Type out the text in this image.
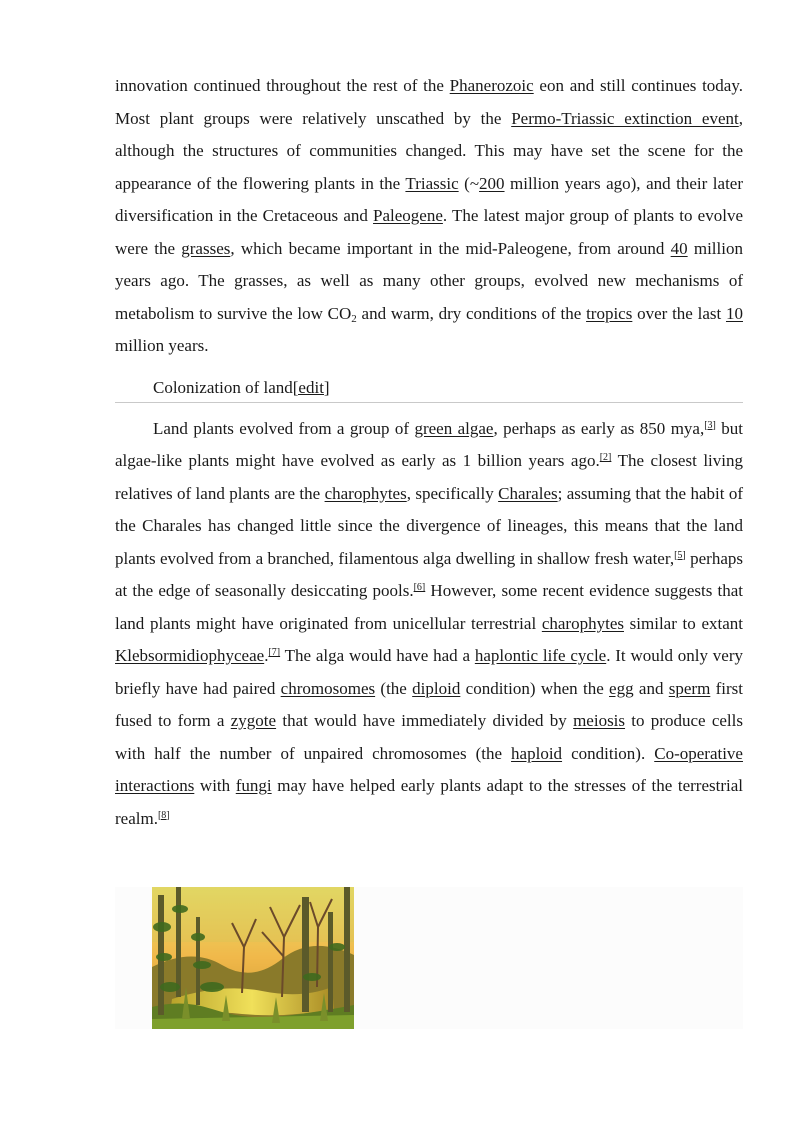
innovation continued throughout the rest of the Phanerozoic eon and still continues today. Most plant groups were relatively unscathed by the Permo-Triassic extinction event, although the structures of communities changed. This may have set the scene for the appearance of the flowering plants in the Triassic (~200 million years ago), and their later diversification in the Cretaceous and Paleogene. The latest major group of plants to evolve were the grasses, which became important in the mid-Paleogene, from around 40 million years ago. The grasses, as well as many other groups, evolved new mechanisms of metabolism to survive the low $CO_2$ and warm, dry conditions of the tropics over the last 10 million years.

Colonization of land[edit]

Land plants evolved from a group of green algae, perhaps as early as 850 mya,[3] but algae-like plants might have evolved as early as 1 billion years ago.[2] The closest living relatives of land plants are the charophytes, specifically Charales; assuming that the habit of the Charales has changed little since the divergence of lineages, this means that the land plants evolved from a branched, filamentous alga dwelling in shallow fresh water,[5] perhaps at the edge of seasonally desiccating pools.[6] However, some recent evidence suggests that land plants might have originated from unicellular terrestrial charophytes similar to extant Klebsormidiophyceae.[7] The alga would have had a haplontic life cycle. It would only very briefly have had paired chromosomes (the diploid condition) when the egg and sperm first fused to form a zygote that would have immediately divided by meiosis to produce cells with half the number of unpaired chromosomes (the haploid condition). Co-operative interactions with fungi may have helped early plants adapt to the stresses of the terrestrial realm.[8]
